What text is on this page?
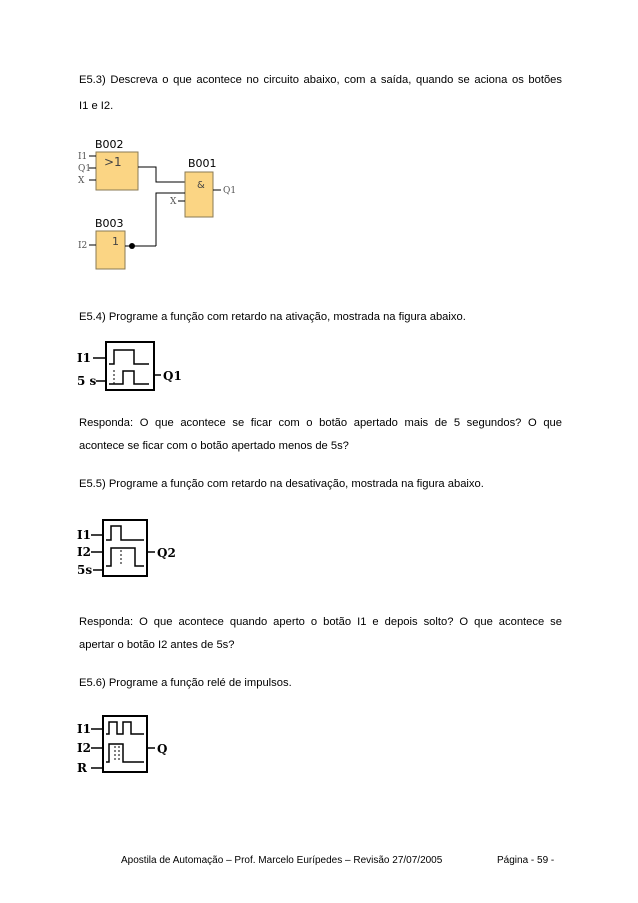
E5.3) Descreva o que acontece no circuito abaixo, com a saída, quando se aciona os botões

I1 e I2.

B002
>1
I1
Q1
X
B001
& Q1
X
B003
1
I2

E5.4) Programe a função com retardo na ativação, mostrada na figura abaixo.

I1
5 s	Q1

Responda: O que acontece se ficar com o botão apertado mais de 5 segundos? O que

acontece se ficar com o botão apertado menos de 5s?

E5.5) Programe a função com retardo na desativação, mostrada na figura abaixo.

I1
I2
5s
Q2

Responda: O que acontece quando aperto o botão I1 e depois solto? O que acontece se

apertar o botão I2 antes de 5s?

E5.6) Programe a função relé de impulsos.

I1
I2
R
Q
Apostila de Automação – Prof. Marcelo Eurípedes – Revisão 27/07/2005	Página - 59 -
